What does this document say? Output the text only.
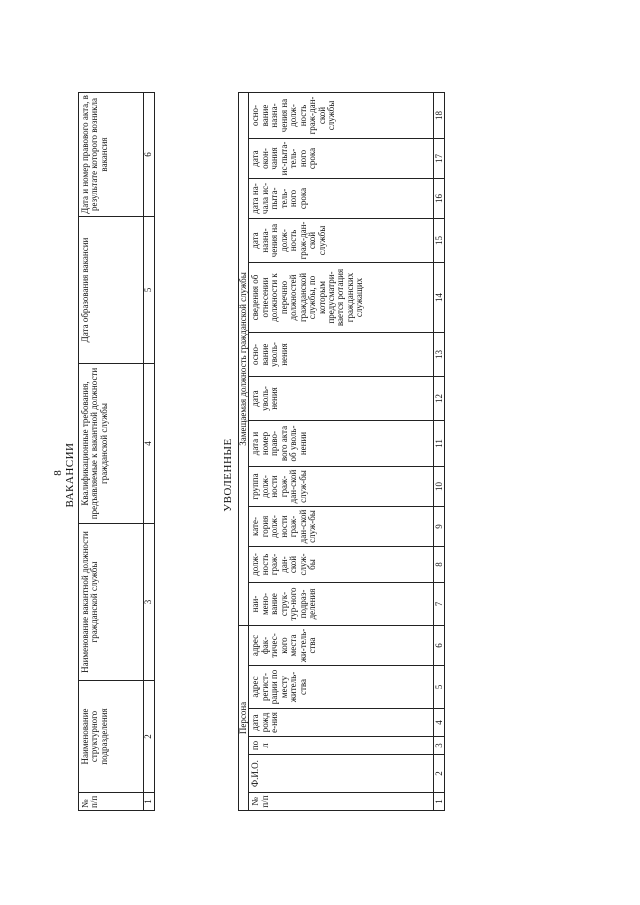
8 ВАКАНСИИ
№ п/п	Наименование структурного подразделения	Наименование вакантной должности гражданской службы	Квалификационные требования, предъявляемые к вакантной должности гражданской службы	Дата образования вакансии	Дата и номер правового акта, в результате которого возникла вакансия
1	2	3	4	5	6
УВОЛЕННЫЕ
Персона						Замещаемая должность гражданской службы											
№ п/п	Ф.И.О.	пол	дата рожде-ния	адрес регист-рации по месту житель-ства	адрес фак-тичес-кого места жи-тель-ства	наи-мено-вание струк-тур-ного подраз-деления	долж-ность граж-дан-ской служ-бы	кате-гория долж-ности граж-дан-ской служ-бы	группа долж-ности граж-дан-ской служ-бы	дата и номер право-вого акта об уволь-нении	дата уволь-нения	осно-вание уволь-нения	сведения об отнесении должности к перечню должностей гражданской службы, по которым предусматри-вается ротация гражданских служащих	дата назна-чения на долж-ность граж-дан-ской службы	дата на-чала ис-пыта-тель-ного срока	дата окон-чания ис-пыта-тель-ного срока	осно-вание назна-чения на долж-ность граж-дан-ской службы
1	2	3	4	5	6	7	8	9	10	11	12	13	14	15	16	17	18
